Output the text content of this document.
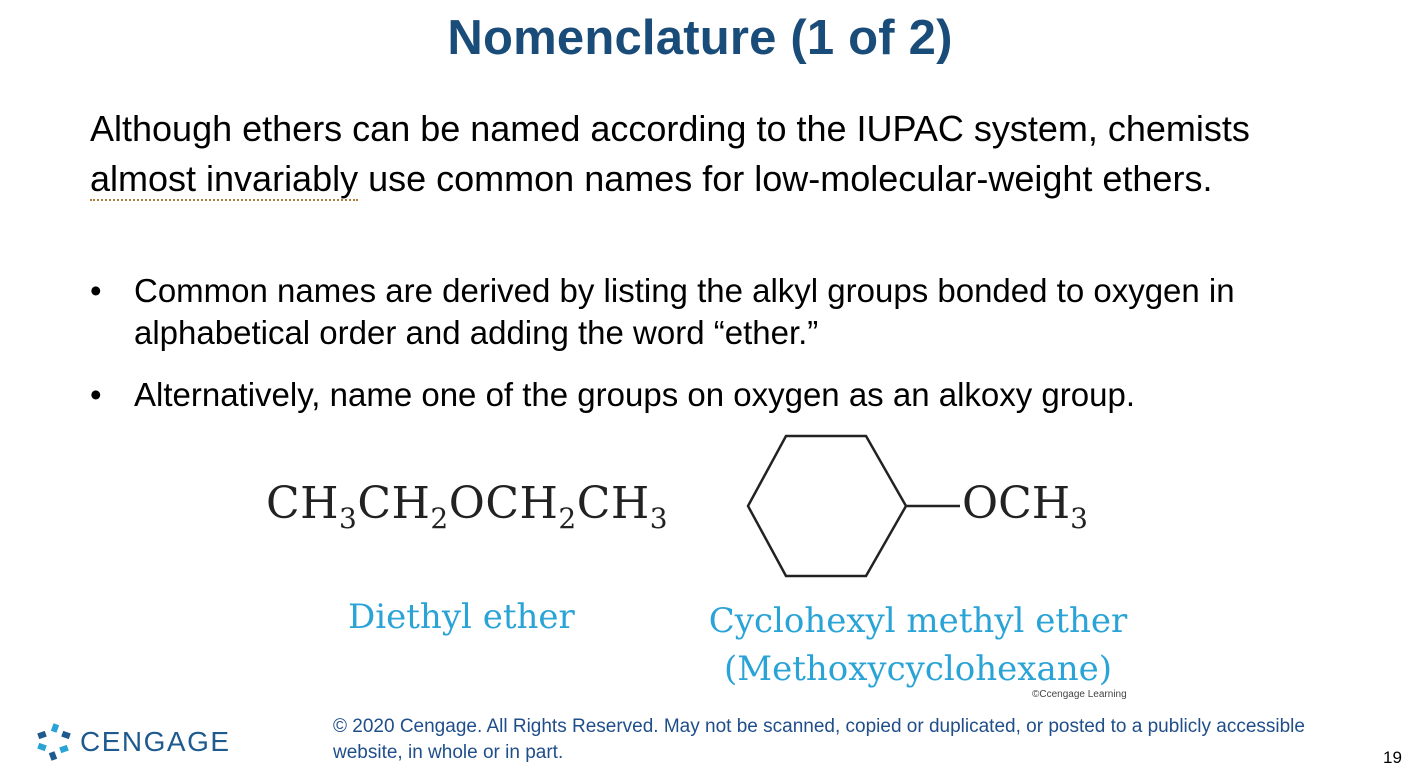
Nomenclature (1 of 2)

Although ethers can be named according to the IUPAC system, chemists almost invariably use common names for low-molecular-weight ethers.

• Common names are derived by listing the alkyl groups bonded to oxygen in alphabetical order and adding the word “ether.”
• Alternatively, name one of the groups on oxygen as an alkoxy group.
$CH_3CH_2OCH_2CH_3$	$OCH_3$
Diethyl ether	Cyclohexyl methyl ether
(Methoxycyclohexane)
©Ccengage Learning
CENGAGE	© 2020 Cengage. All Rights Reserved. May not be scanned, copied or duplicated, or posted to a publicly accessible website, in whole or in part.	19
